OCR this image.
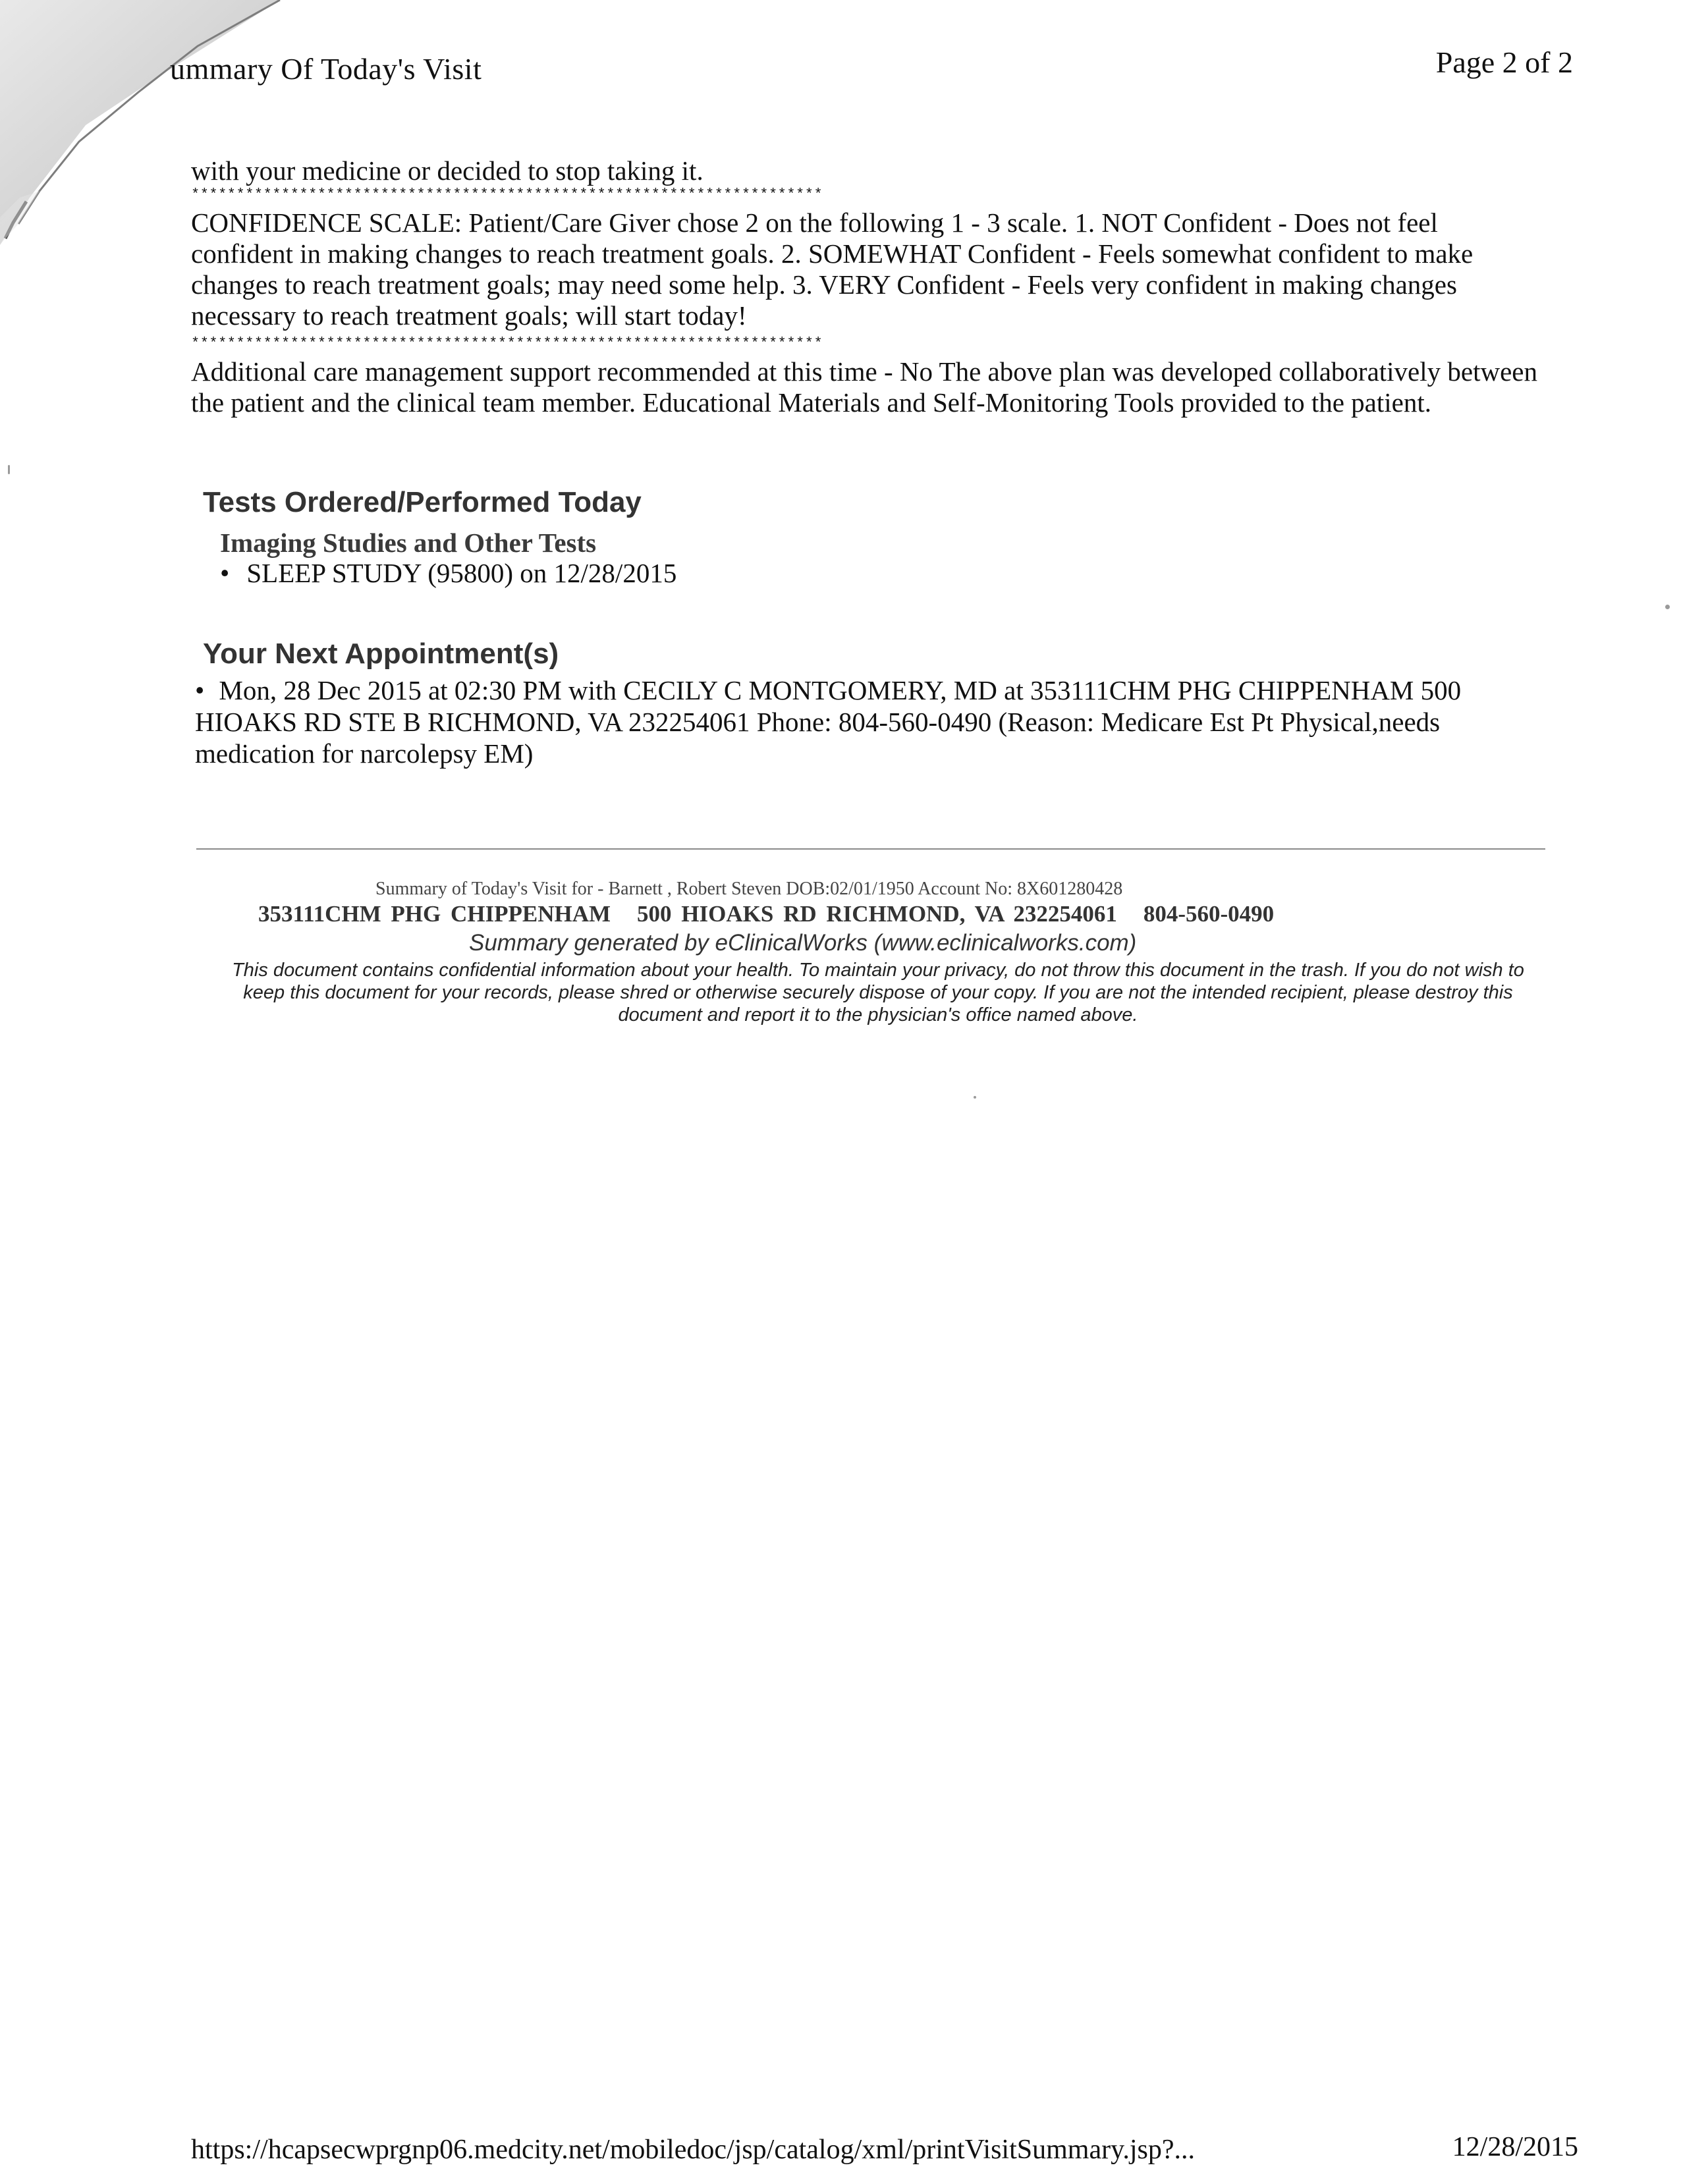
ummary Of Today's Visit	Page 2 of 2

with your medicine or decided to stop taking it.

**********************************************************************

CONFIDENCE SCALE: Patient/Care Giver chose 2 on the following 1 - 3 scale. 1. NOT Confident - Does not feel confident in making changes to reach treatment goals. 2. SOMEWHAT Confident - Feels somewhat confident to make changes to reach treatment goals; may need some help. 3. VERY Confident - Feels very confident in making changes necessary to reach treatment goals; will start today!

**********************************************************************

Additional care management support recommended at this time - No The above plan was developed collaboratively between the patient and the clinical team member. Educational Materials and Self-Monitoring Tools provided to the patient.

Tests Ordered/Performed Today
Imaging Studies and Other Tests
• SLEEP STUDY (95800) on 12/28/2015
Your Next Appointment(s)
• Mon, 28 Dec 2015 at 02:30 PM with CECILY C MONTGOMERY, MD at 353111CHM PHG CHIPPENHAM 500 HIOAKS RD STE B RICHMOND, VA 232254061 Phone: 804-560-0490 (Reason: Medicare Est Pt Physical,needs medication for narcolepsy EM)
Summary of Today's Visit for - Barnett , Robert Steven DOB:02/01/1950 Account No: 8X601280428
353111CHM PHG CHIPPENHAM 500 HIOAKS RD RICHMOND, VA 232254061 804-560-0490
Summary generated by eClinicalWorks (www.eclinicalworks.com)
This document contains confidential information about your health. To maintain your privacy, do not throw this document in the trash. If you do not wish to keep this document for your records, please shred or otherwise securely dispose of your copy. If you are not the intended recipient, please destroy this document and report it to the physician's office named above.
https://hcapsecwprgnp06.medcity.net/mobiledoc/jsp/catalog/xml/printVisitSummary.jsp?...	12/28/2015
